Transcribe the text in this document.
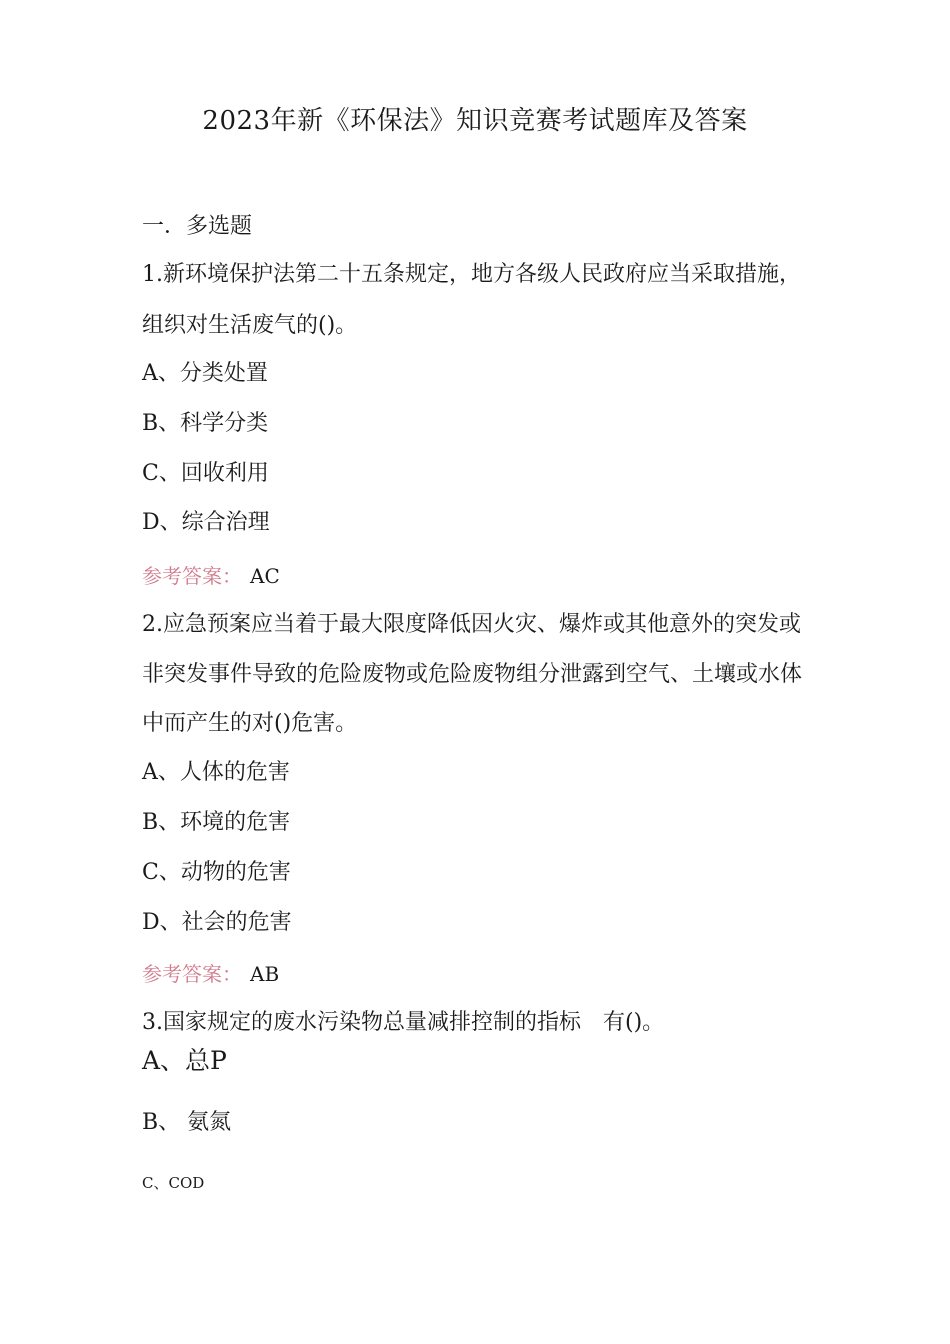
2023年新《环保法》知识竞赛考试题库及答案
一．多选题
1.新环境保护法第二十五条规定，地方各级人民政府应当采取措施，
组织对生活废气的()。
A、分类处置
B、科学分类
C、回收利用
D、综合治理
参考答案： AC
2.应急预案应当着于最大限度降低因火灾、爆炸或其他意外的突发或
非突发事件导致的危险废物或危险废物组分泄露到空气、土壤或水体
中而产生的对()危害。
A、人体的危害
B、环境的危害
C、动物的危害
D、社会的危害
参考答案： AB
3.国家规定的废水污染物总量减排控制的指标　有()。
A、总P
B、 氨氮
C、COD
